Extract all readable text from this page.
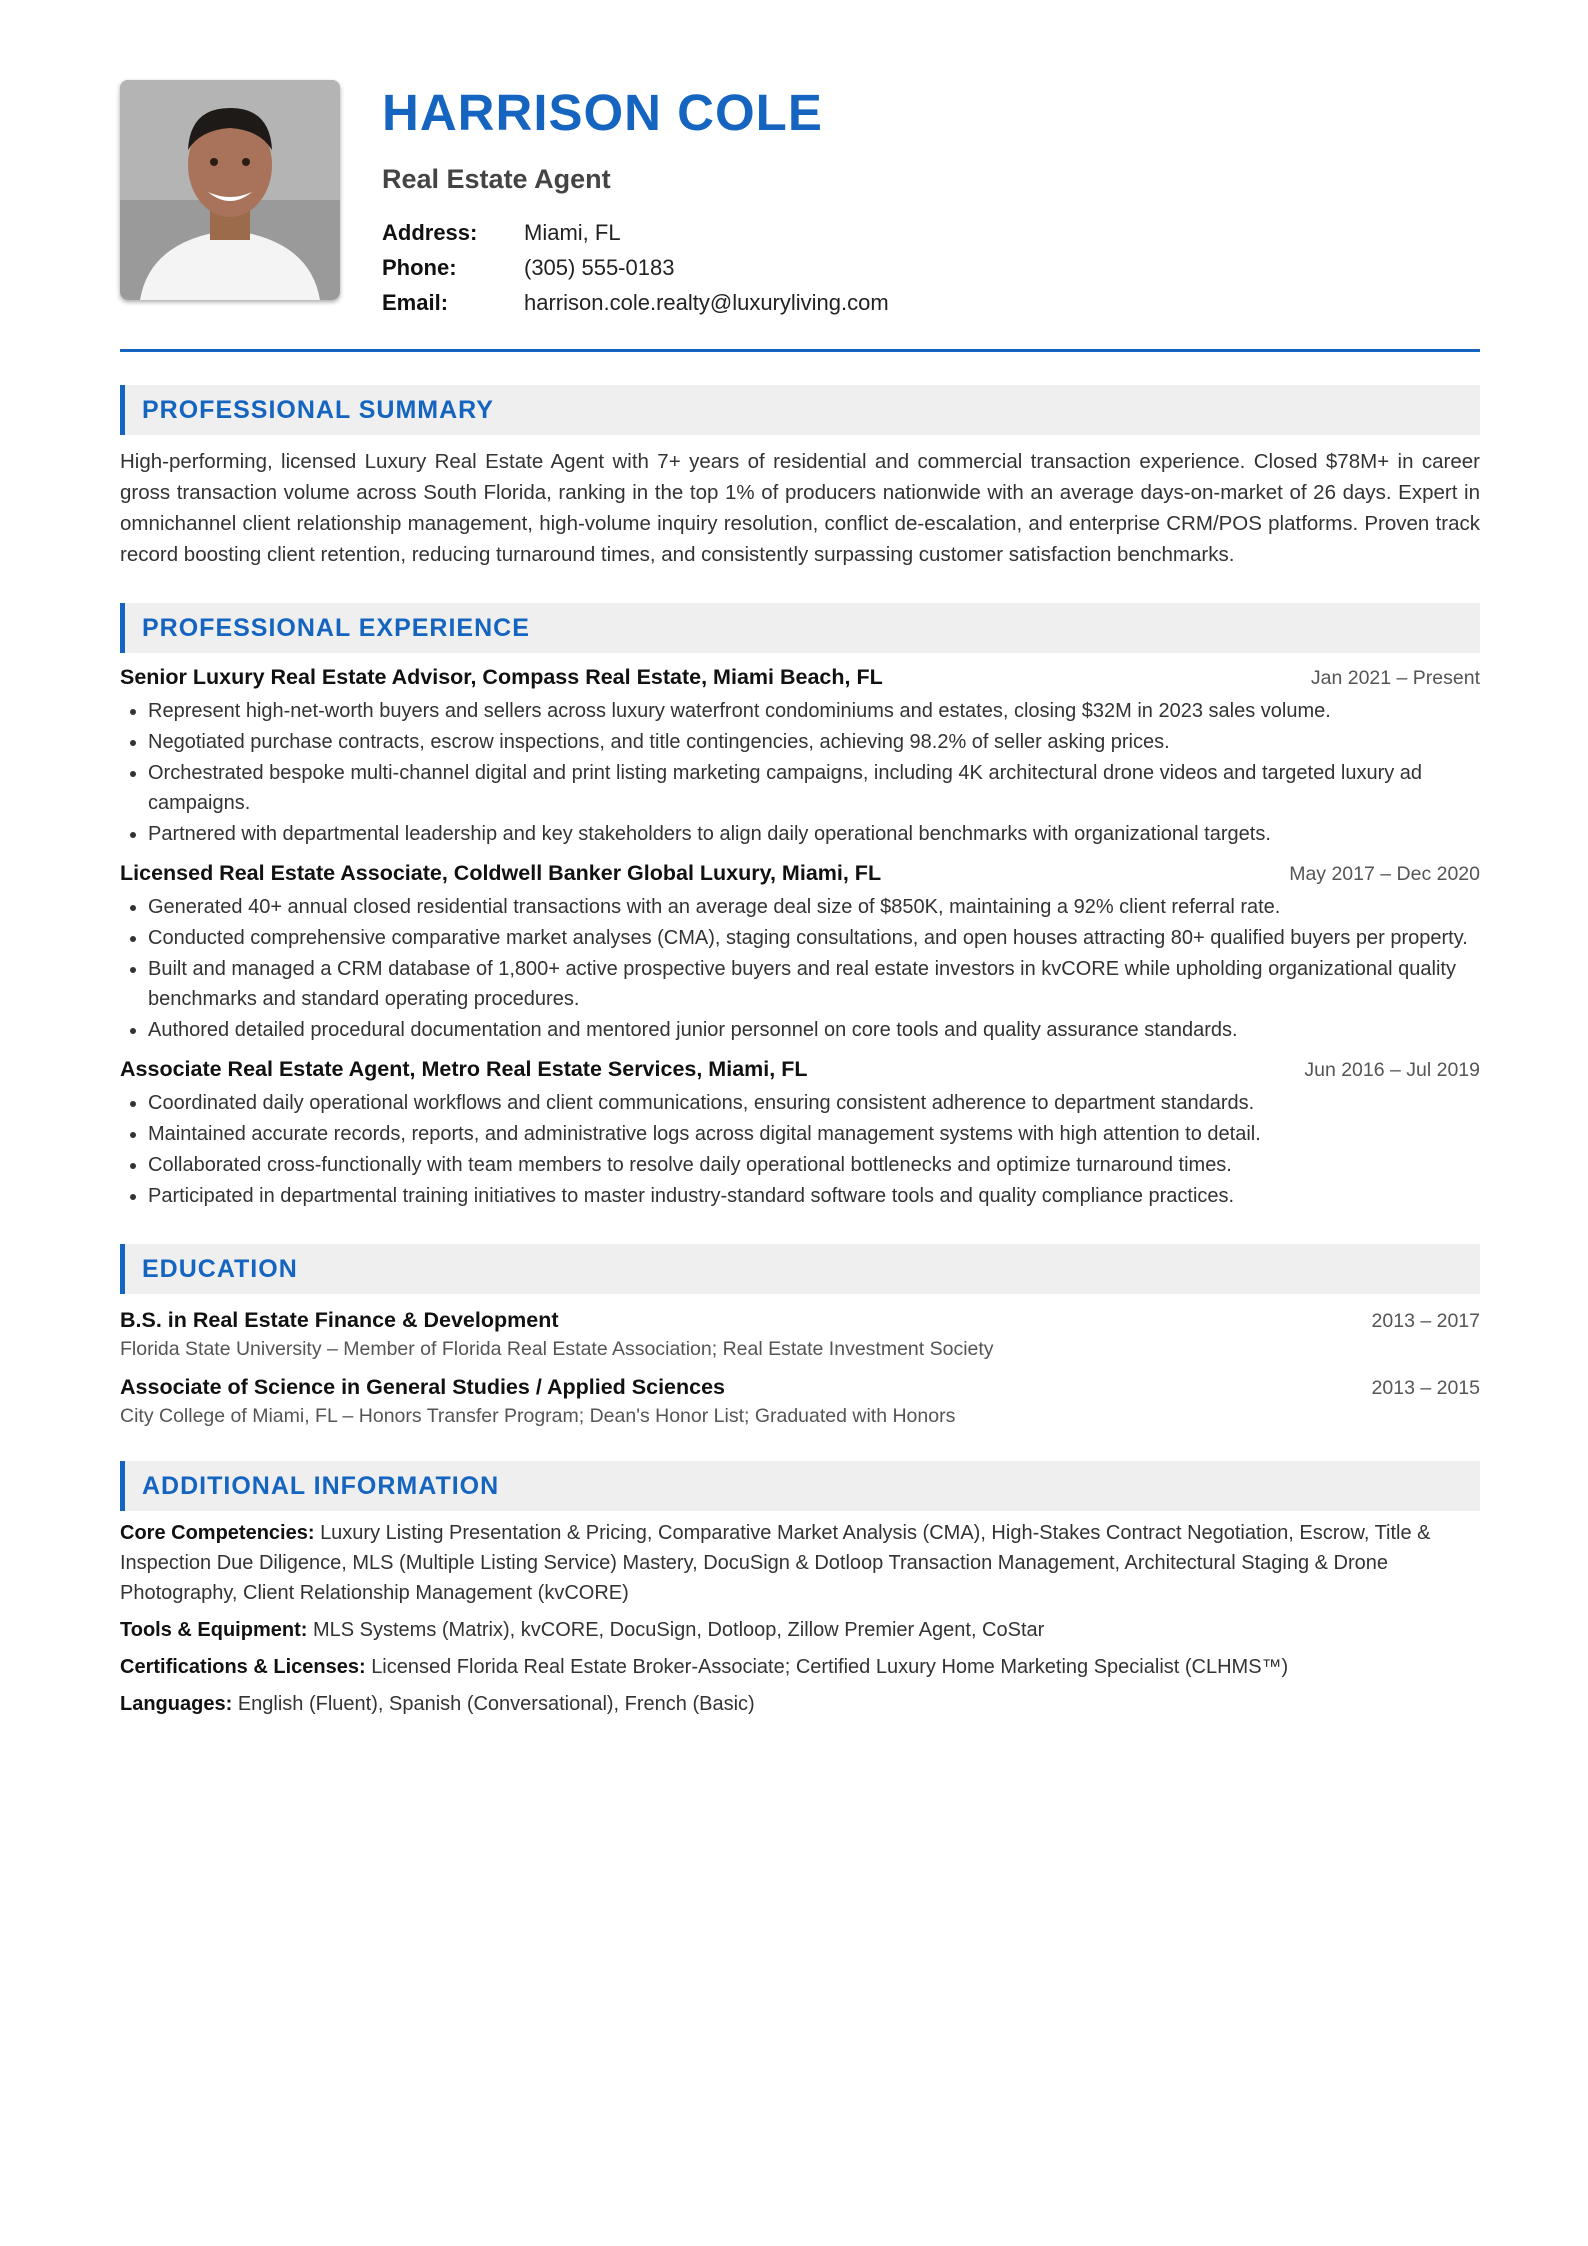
HARRISON COLE
Real Estate Agent
Address:	Miami, FL
Phone:	(305) 555-0183
Email:	harrison.cole.realty@luxuryliving.com
PROFESSIONAL SUMMARY
High-performing, licensed Luxury Real Estate Agent with 7+ years of residential and commercial transaction experience. Closed $78M+ in career gross transaction volume across South Florida, ranking in the top 1% of producers nationwide with an average days-on-market of 26 days. Expert in omnichannel client relationship management, high-volume inquiry resolution, conflict de-escalation, and enterprise CRM/POS platforms. Proven track record boosting client retention, reducing turnaround times, and consistently surpassing customer satisfaction benchmarks.
PROFESSIONAL EXPERIENCE
Senior Luxury Real Estate Advisor, Compass Real Estate, Miami Beach, FL	Jan 2021 – Present
• Represent high-net-worth buyers and sellers across luxury waterfront condominiums and estates, closing $32M in 2023 sales volume.
• Negotiated purchase contracts, escrow inspections, and title contingencies, achieving 98.2% of seller asking prices.
• Orchestrated bespoke multi-channel digital and print listing marketing campaigns, including 4K architectural drone videos and targeted luxury ad campaigns.
• Partnered with departmental leadership and key stakeholders to align daily operational benchmarks with organizational targets.
Licensed Real Estate Associate, Coldwell Banker Global Luxury, Miami, FL	May 2017 – Dec 2020
• Generated 40+ annual closed residential transactions with an average deal size of $850K, maintaining a 92% client referral rate.
• Conducted comprehensive comparative market analyses (CMA), staging consultations, and open houses attracting 80+ qualified buyers per property.
• Built and managed a CRM database of 1,800+ active prospective buyers and real estate investors in kvCORE while upholding organizational quality benchmarks and standard operating procedures.
• Authored detailed procedural documentation and mentored junior personnel on core tools and quality assurance standards.
Associate Real Estate Agent, Metro Real Estate Services, Miami, FL	Jun 2016 – Jul 2019
• Coordinated daily operational workflows and client communications, ensuring consistent adherence to department standards.
• Maintained accurate records, reports, and administrative logs across digital management systems with high attention to detail.
• Collaborated cross-functionally with team members to resolve daily operational bottlenecks and optimize turnaround times.
• Participated in departmental training initiatives to master industry-standard software tools and quality compliance practices.
EDUCATION
B.S. in Real Estate Finance & Development	2013 – 2017
Florida State University – Member of Florida Real Estate Association; Real Estate Investment Society
Associate of Science in General Studies / Applied Sciences	2013 – 2015
City College of Miami, FL – Honors Transfer Program; Dean's Honor List; Graduated with Honors
ADDITIONAL INFORMATION
Core Competencies: Luxury Listing Presentation & Pricing, Comparative Market Analysis (CMA), High-Stakes Contract Negotiation, Escrow, Title & Inspection Due Diligence, MLS (Multiple Listing Service) Mastery, DocuSign & Dotloop Transaction Management, Architectural Staging & Drone Photography, Client Relationship Management (kvCORE)
Tools & Equipment: MLS Systems (Matrix), kvCORE, DocuSign, Dotloop, Zillow Premier Agent, CoStar
Certifications & Licenses: Licensed Florida Real Estate Broker-Associate; Certified Luxury Home Marketing Specialist (CLHMS™)
Languages: English (Fluent), Spanish (Conversational), French (Basic)
